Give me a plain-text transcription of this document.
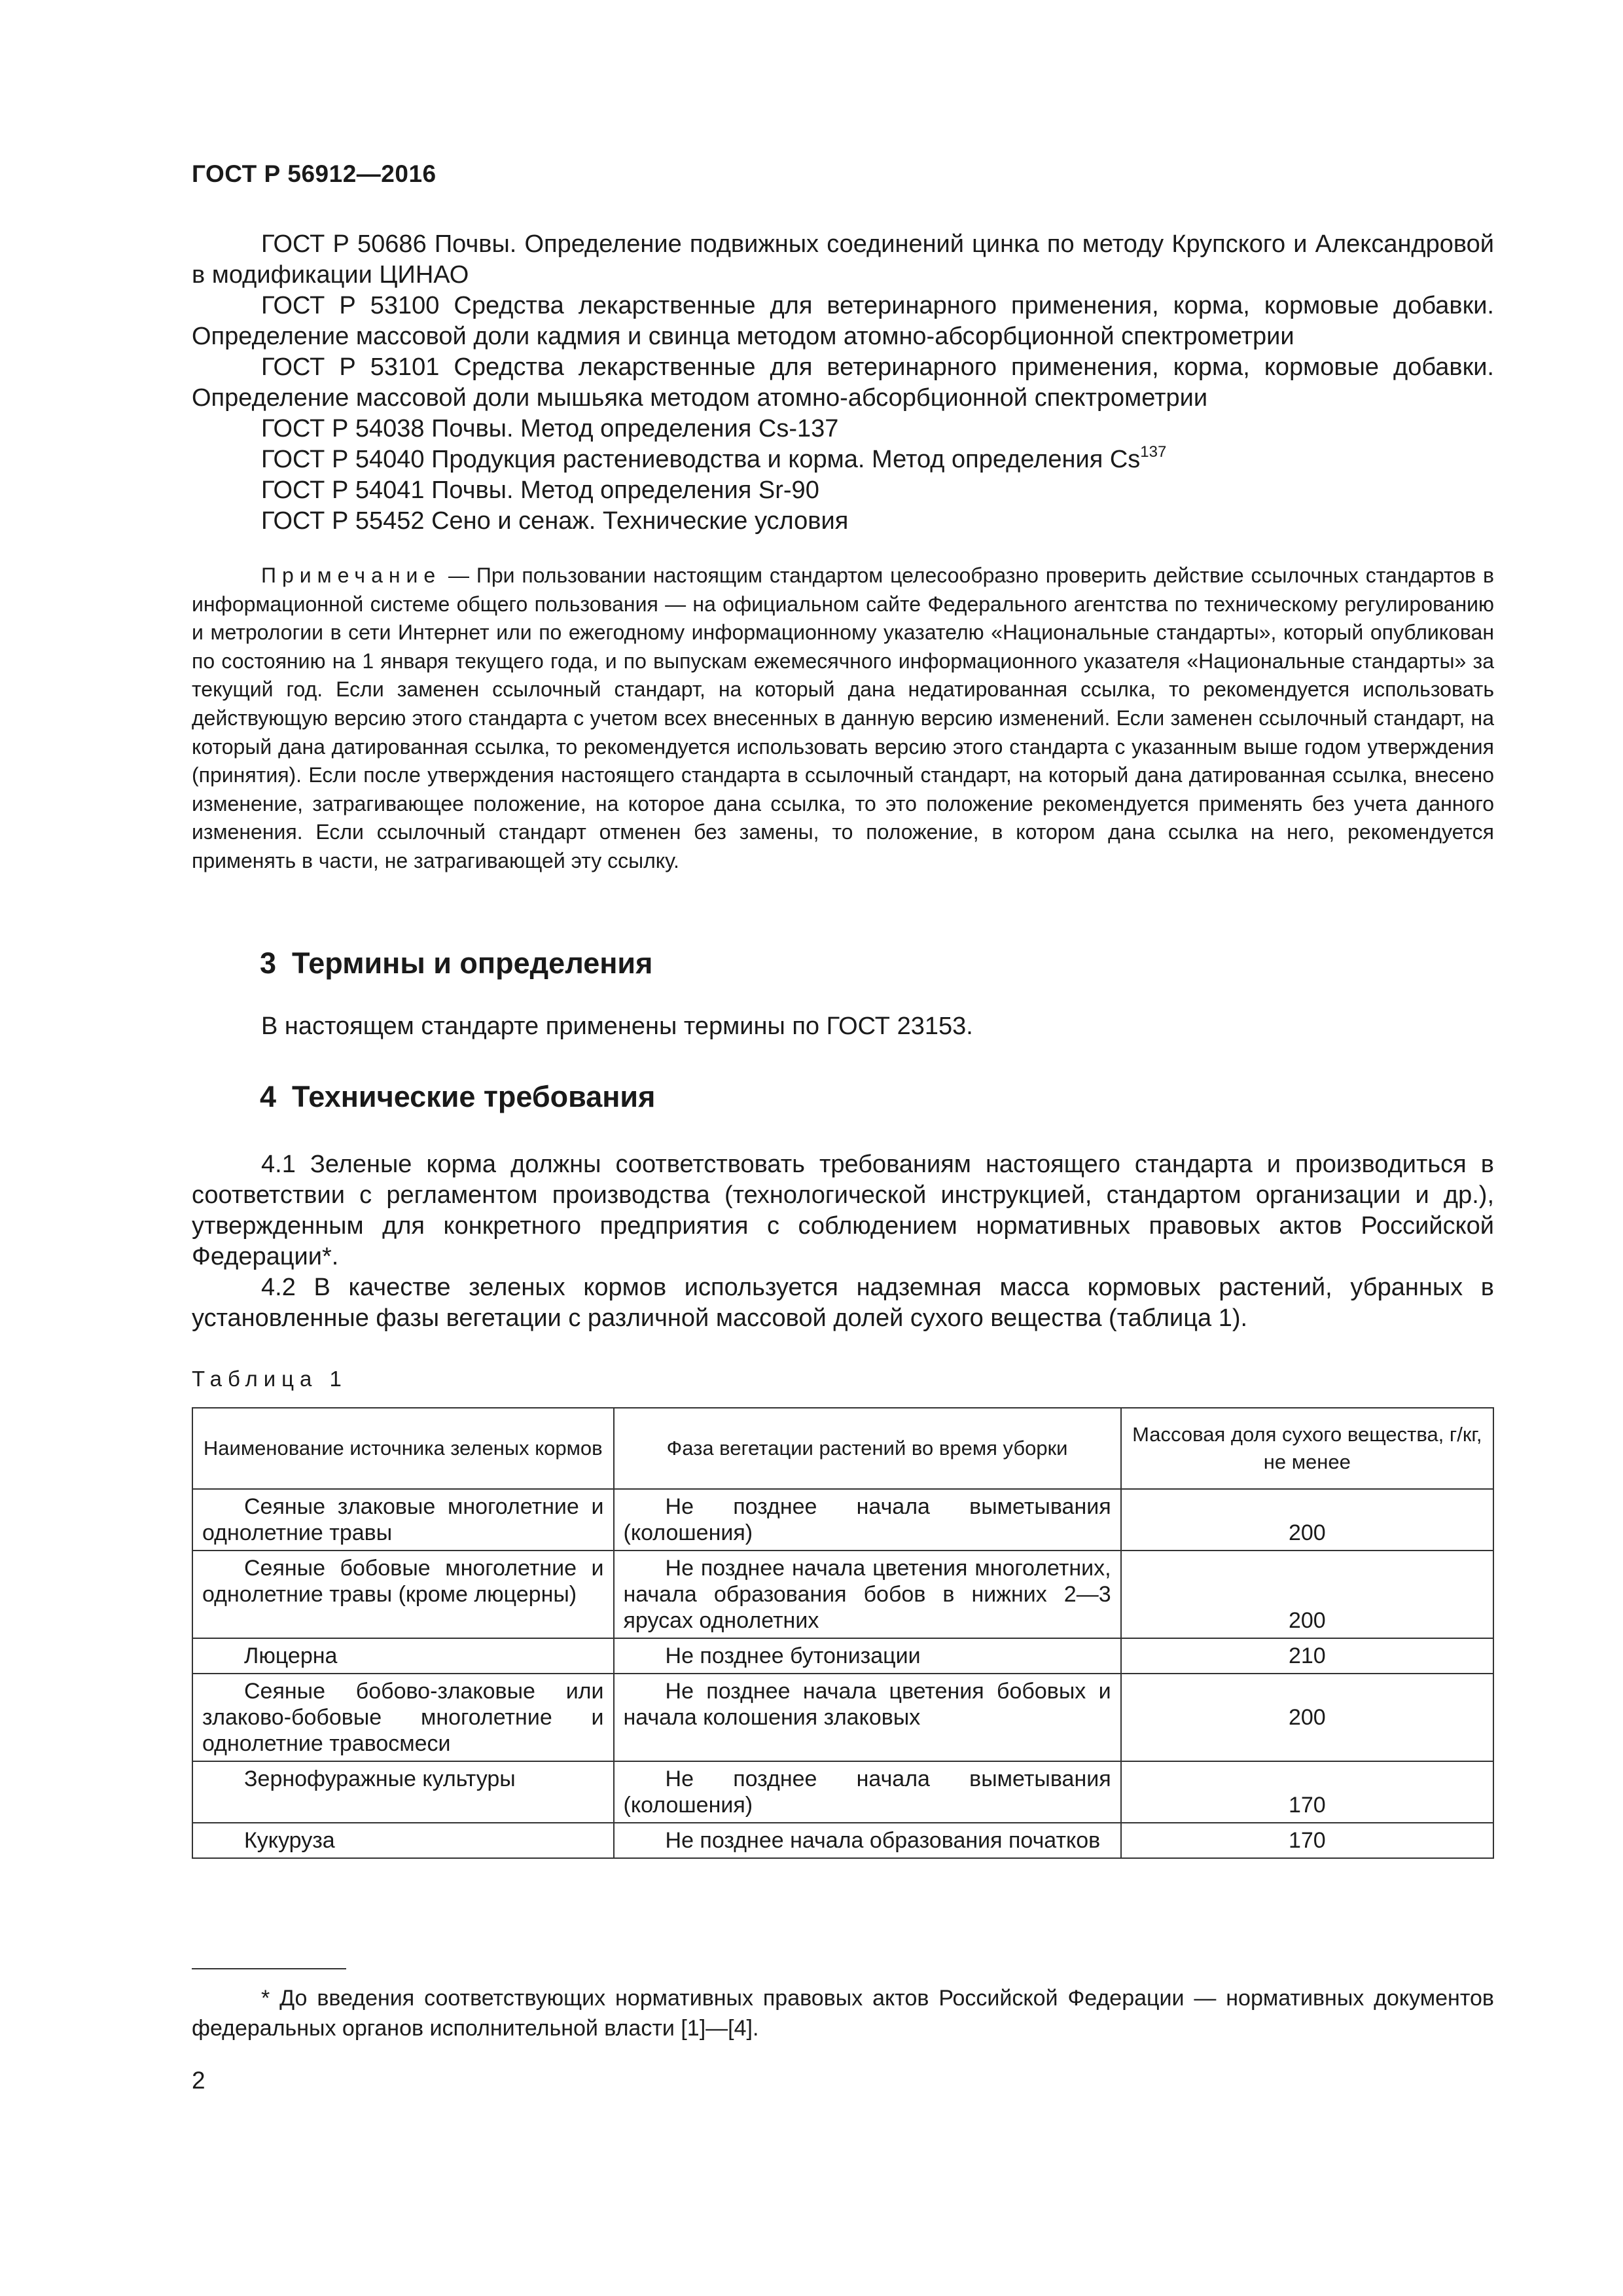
ГОСТ Р 56912—2016

ГОСТ Р 50686 Почвы. Определение подвижных соединений цинка по методу Крупского и Александровой в модификации ЦИНАО

ГОСТ Р 53100 Средства лекарственные для ветеринарного применения, корма, кормовые добавки. Определение массовой доли кадмия и свинца методом атомно-абсорбционной спектрометрии

ГОСТ Р 53101 Средства лекарственные для ветеринарного применения, корма, кормовые добавки. Определение массовой доли мышьяка методом атомно-абсорбционной спектрометрии

ГОСТ Р 54038 Почвы. Метод определения Cs-137

ГОСТ Р 54040 Продукция растениеводства и корма. Метод определения Cs$^{137}$

ГОСТ Р 54041 Почвы. Метод определения Sr-90

ГОСТ Р 55452 Сено и сенаж. Технические условия

Примечание — При пользовании настоящим стандартом целесообразно проверить действие ссылочных стандартов в информационной системе общего пользования — на официальном сайте Федерального агентства по техническому регулированию и метрологии в сети Интернет или по ежегодному информационному указателю «Национальные стандарты», который опубликован по состоянию на 1 января текущего года, и по выпускам ежемесячного информационного указателя «Национальные стандарты» за текущий год. Если заменен ссылочный стандарт, на который дана недатированная ссылка, то рекомендуется использовать действующую версию этого стандарта с учетом всех внесенных в данную версию изменений. Если заменен ссылочный стандарт, на который дана датированная ссылка, то рекомендуется использовать версию этого стандарта с указанным выше годом утверждения (принятия). Если после утверждения настоящего стандарта в ссылочный стандарт, на который дана датированная ссылка, внесено изменение, затрагивающее положение, на которое дана ссылка, то это положение рекомендуется применять без учета данного изменения. Если ссылочный стандарт отменен без замены, то положение, в котором дана ссылка на него, рекомендуется применять в части, не затрагивающей эту ссылку.

3 Термины и определения

В настоящем стандарте применены термины по ГОСТ 23153.

4 Технические требования

4.1 Зеленые корма должны соответствовать требованиям настоящего стандарта и производиться в соответствии с регламентом производства (технологической инструкцией, стандартом организации и др.), утвержденным для конкретного предприятия с соблюдением нормативных правовых актов Российской Федерации*.

4.2 В качестве зеленых кормов используется надземная масса кормовых растений, убранных в установленные фазы вегетации с различной массовой долей сухого вещества (таблица 1).

Таблица 1
Наименование источника зеленых кормов	Фаза вегетации растений во время уборки	Массовая доля сухого вещества, г/кг, не менее
Сеяные злаковые многолетние и однолетние травы	Не позднее начала выметывания (колошения)	200
Сеяные бобовые многолетние и однолетние травы (кроме люцерны)	Не позднее начала цветения многолетних, начала образования бобов в нижних 2—3 ярусах однолетних	200
Люцерна	Не позднее бутонизации	210
Сеяные бобово-злаковые или злаково-бобовые многолетние и однолетние травосмеси	Не позднее начала цветения бобовых и начала колошения злаковых	200
Зернофуражные культуры	Не позднее начала выметывания (колошения)	170
Кукуруза	Не позднее начала образования початков	170

* До введения соответствующих нормативных правовых актов Российской Федерации — нормативных документов федеральных органов исполнительной власти [1]—[4].

2
